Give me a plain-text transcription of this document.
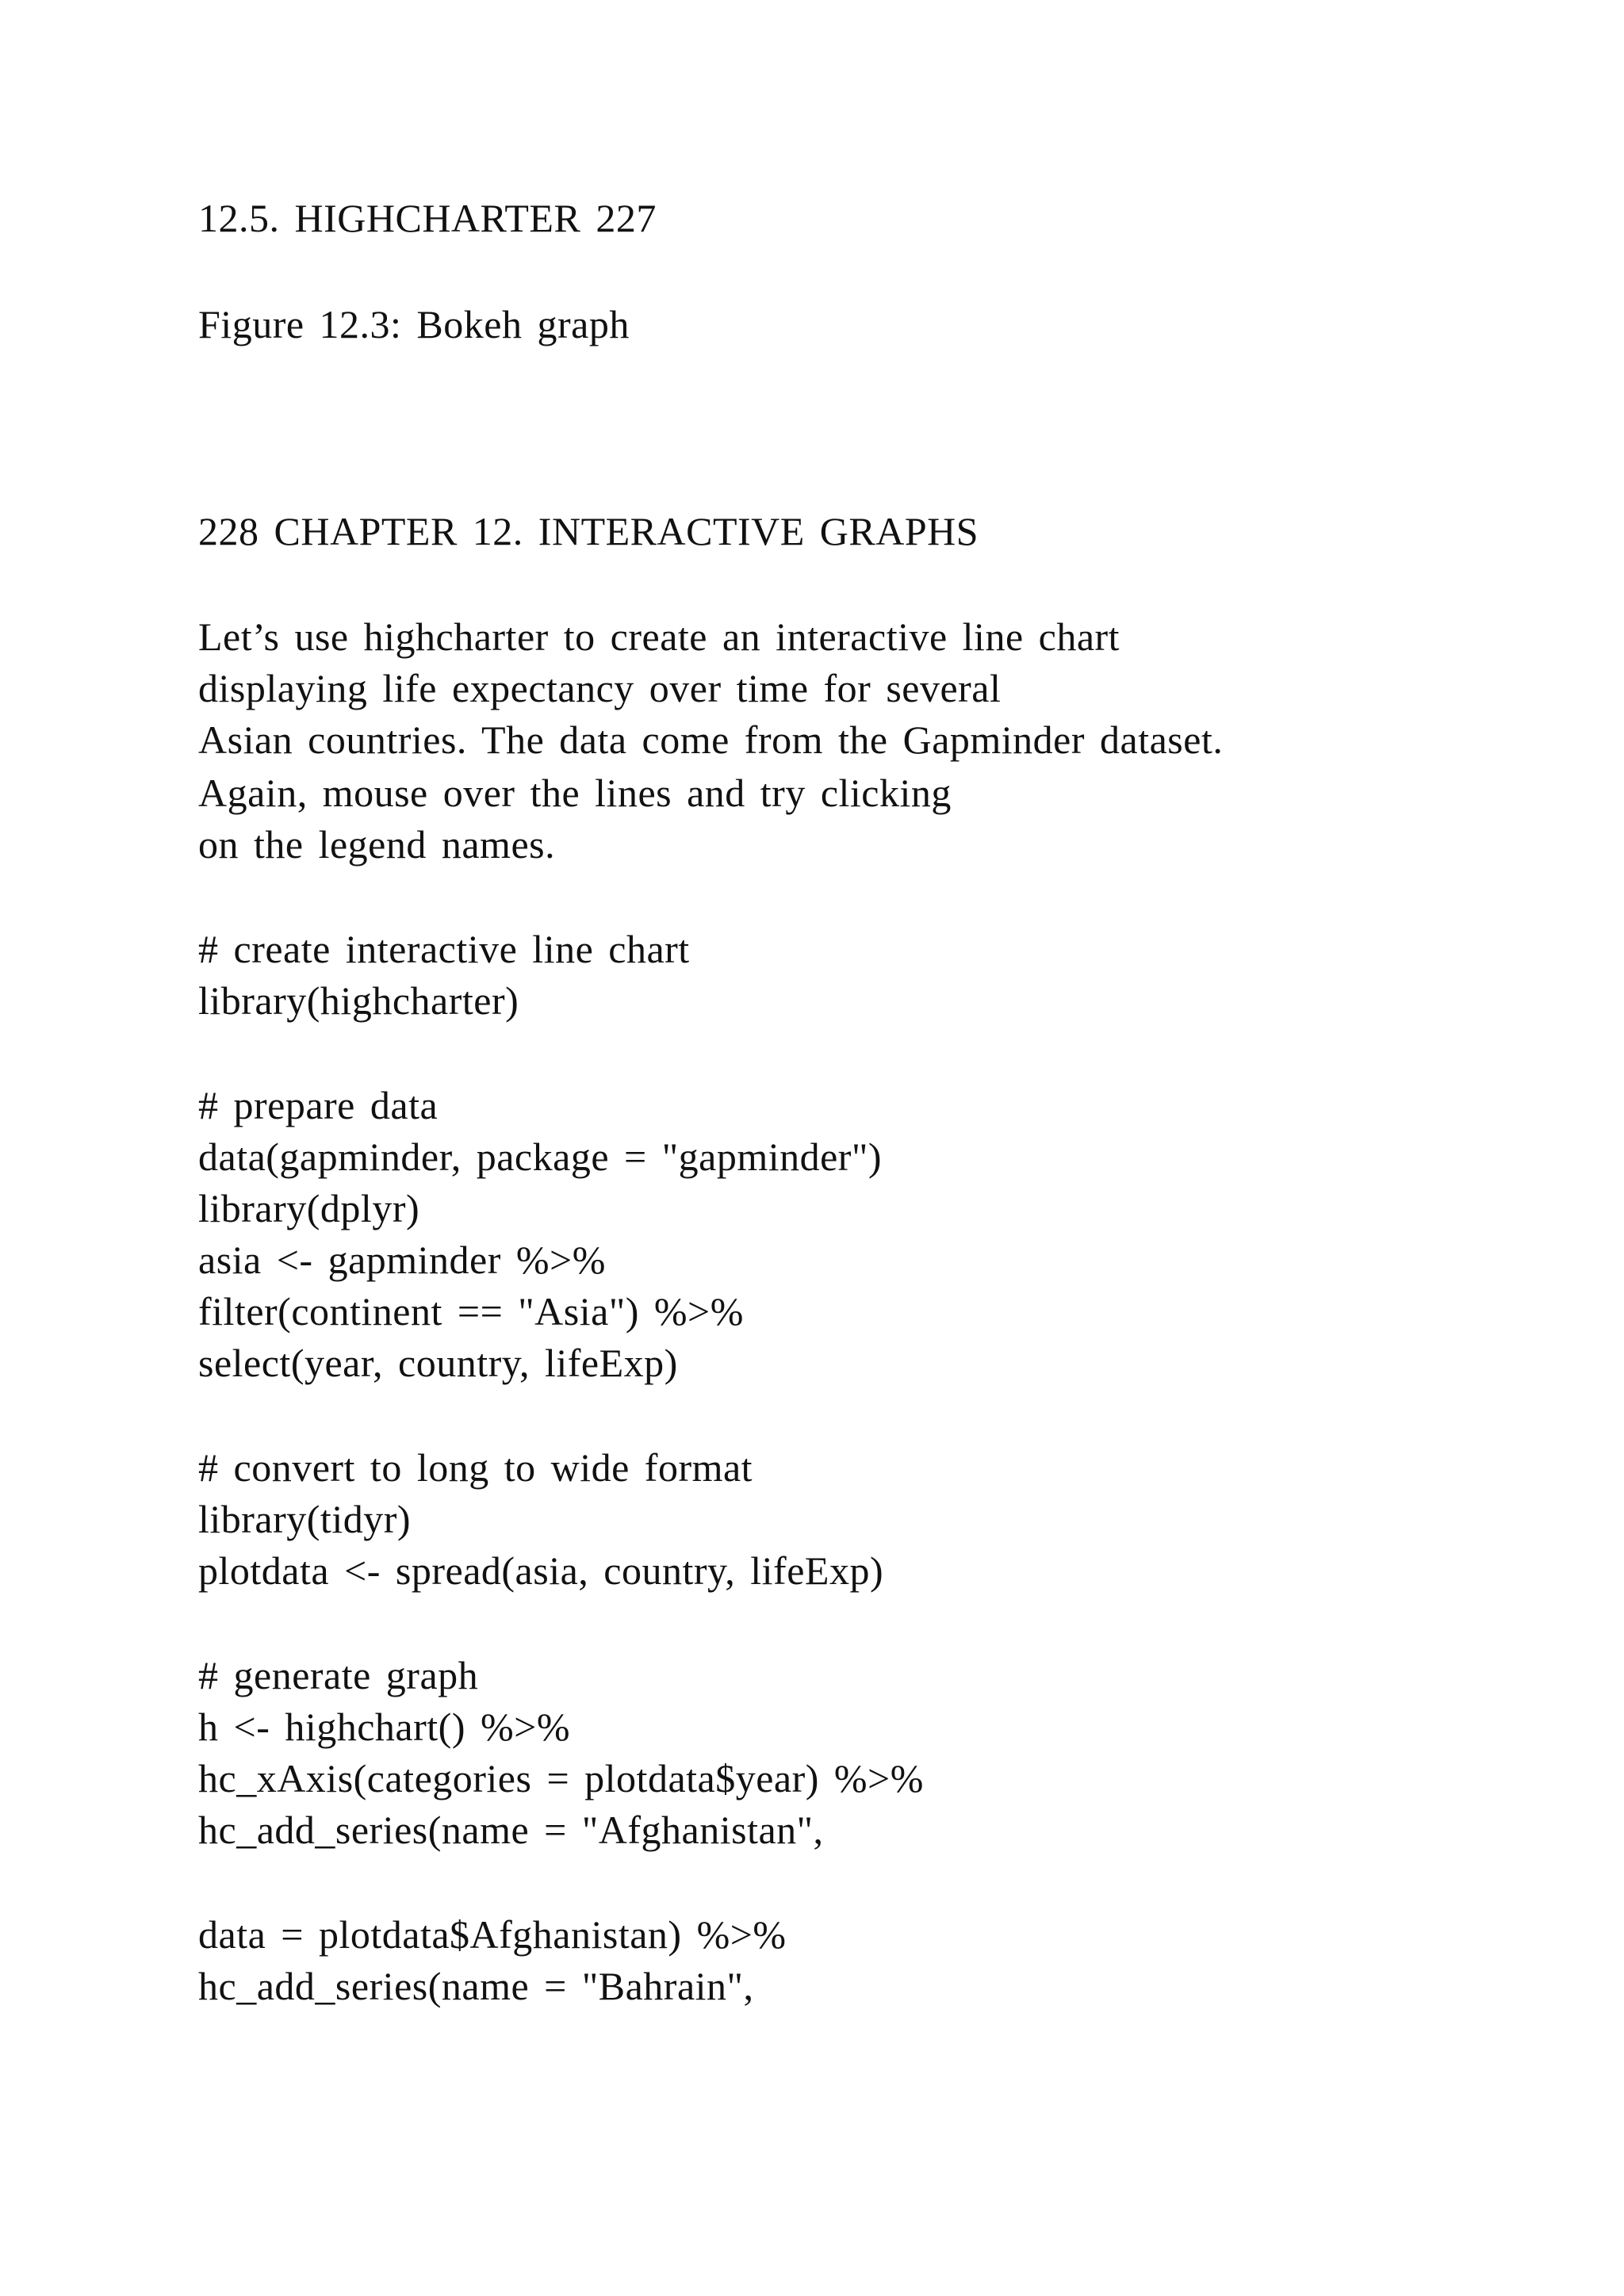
12.5. HIGHCHARTER 227
Figure 12.3: Bokeh graph
228 CHAPTER 12. INTERACTIVE GRAPHS
Let’s use highcharter to create an interactive line chart
displaying life expectancy over time for several
Asian countries. The data come from the Gapminder dataset.
Again, mouse over the lines and try clicking
on the legend names.
# create interactive line chart
library(highcharter)
# prepare data
data(gapminder, package = "gapminder")
library(dplyr)
asia <- gapminder %>%
filter(continent == "Asia") %>%
select(year, country, lifeExp)
# convert to long to wide format
library(tidyr)
plotdata <- spread(asia, country, lifeExp)
# generate graph
h <- highchart() %>%
hc_xAxis(categories = plotdata$year) %>%
hc_add_series(name = "Afghanistan",
data = plotdata$Afghanistan) %>%
hc_add_series(name = "Bahrain",
